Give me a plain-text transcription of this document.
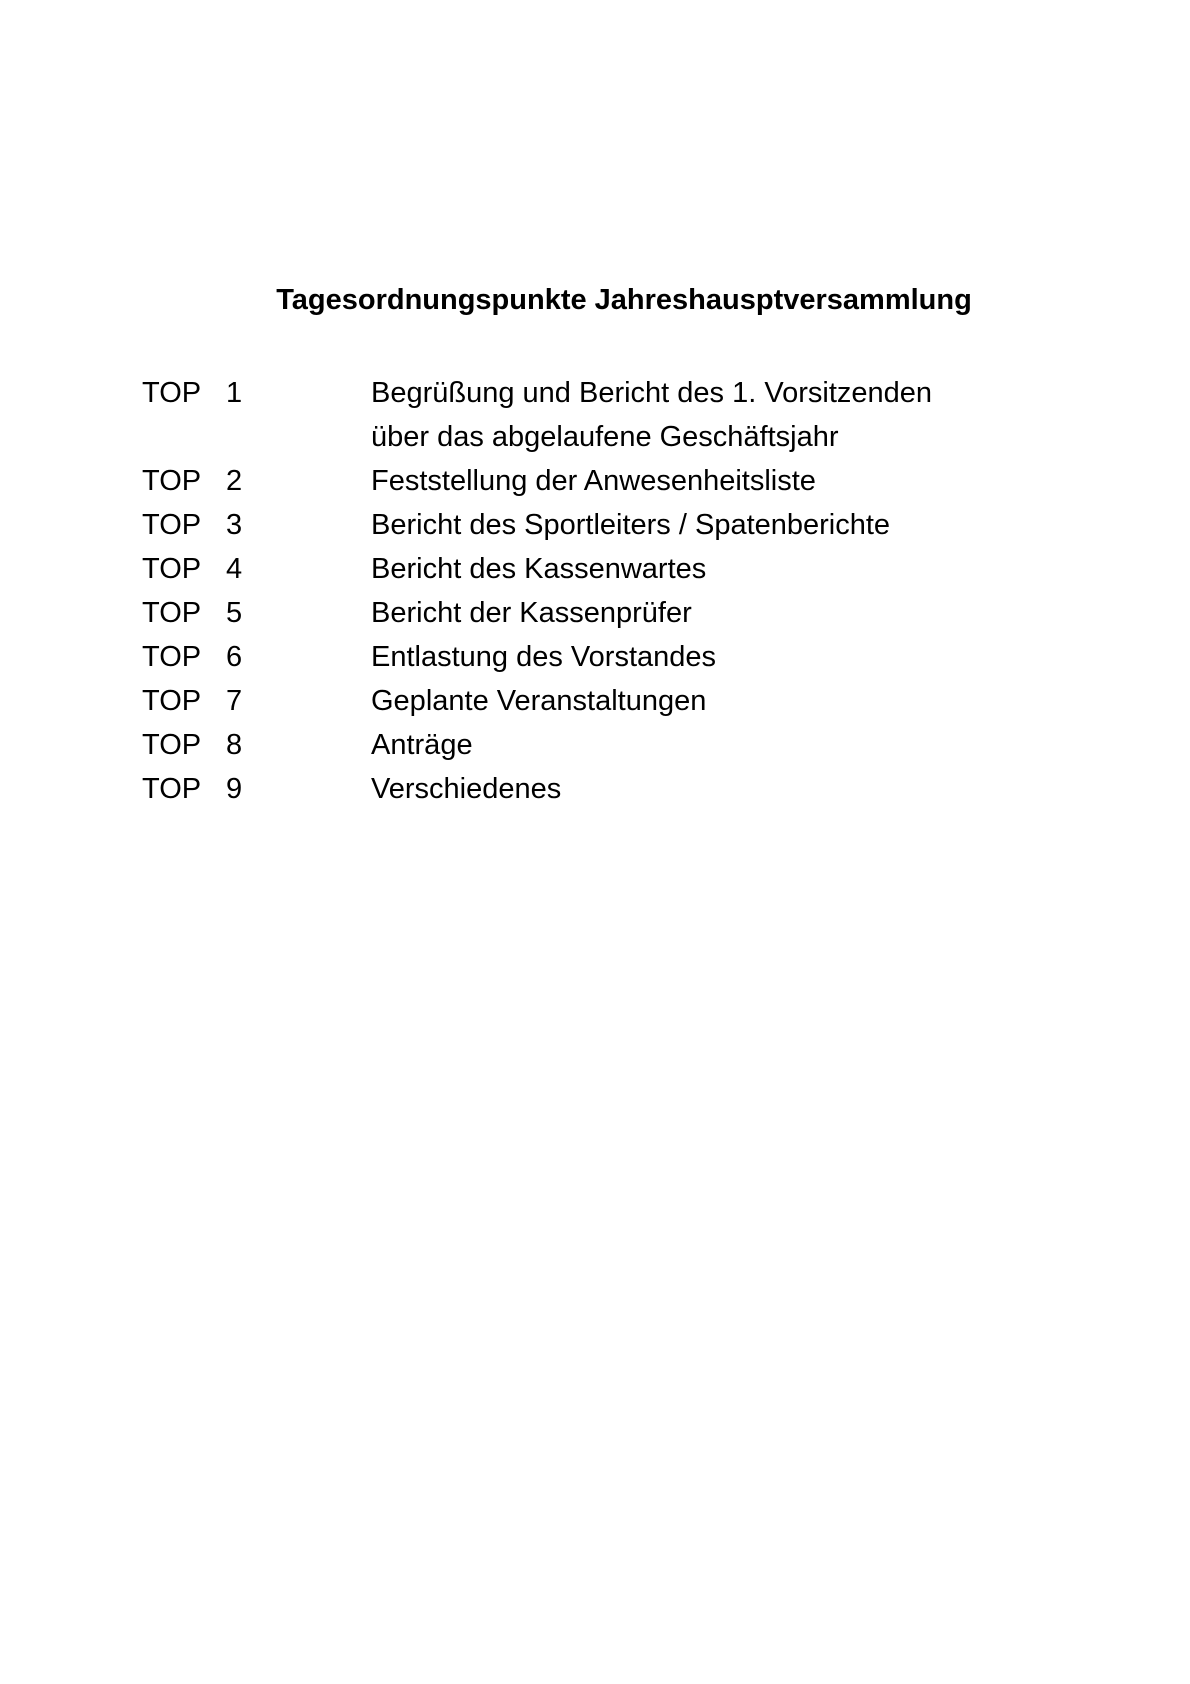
Tagesordnungspunkte Jahreshausptversammlung
TOP 1	Begrüßung und Bericht des 1. Vorsitzenden
über das abgelaufene Geschäftsjahr
TOP 2	Feststellung der Anwesenheitsliste
TOP 3	Bericht des Sportleiters / Spatenberichte
TOP 4	Bericht des Kassenwartes
TOP 5	Bericht der Kassenprüfer
TOP 6	Entlastung des Vorstandes
TOP 7	Geplante Veranstaltungen
TOP 8	Anträge
TOP 9	Verschiedenes
